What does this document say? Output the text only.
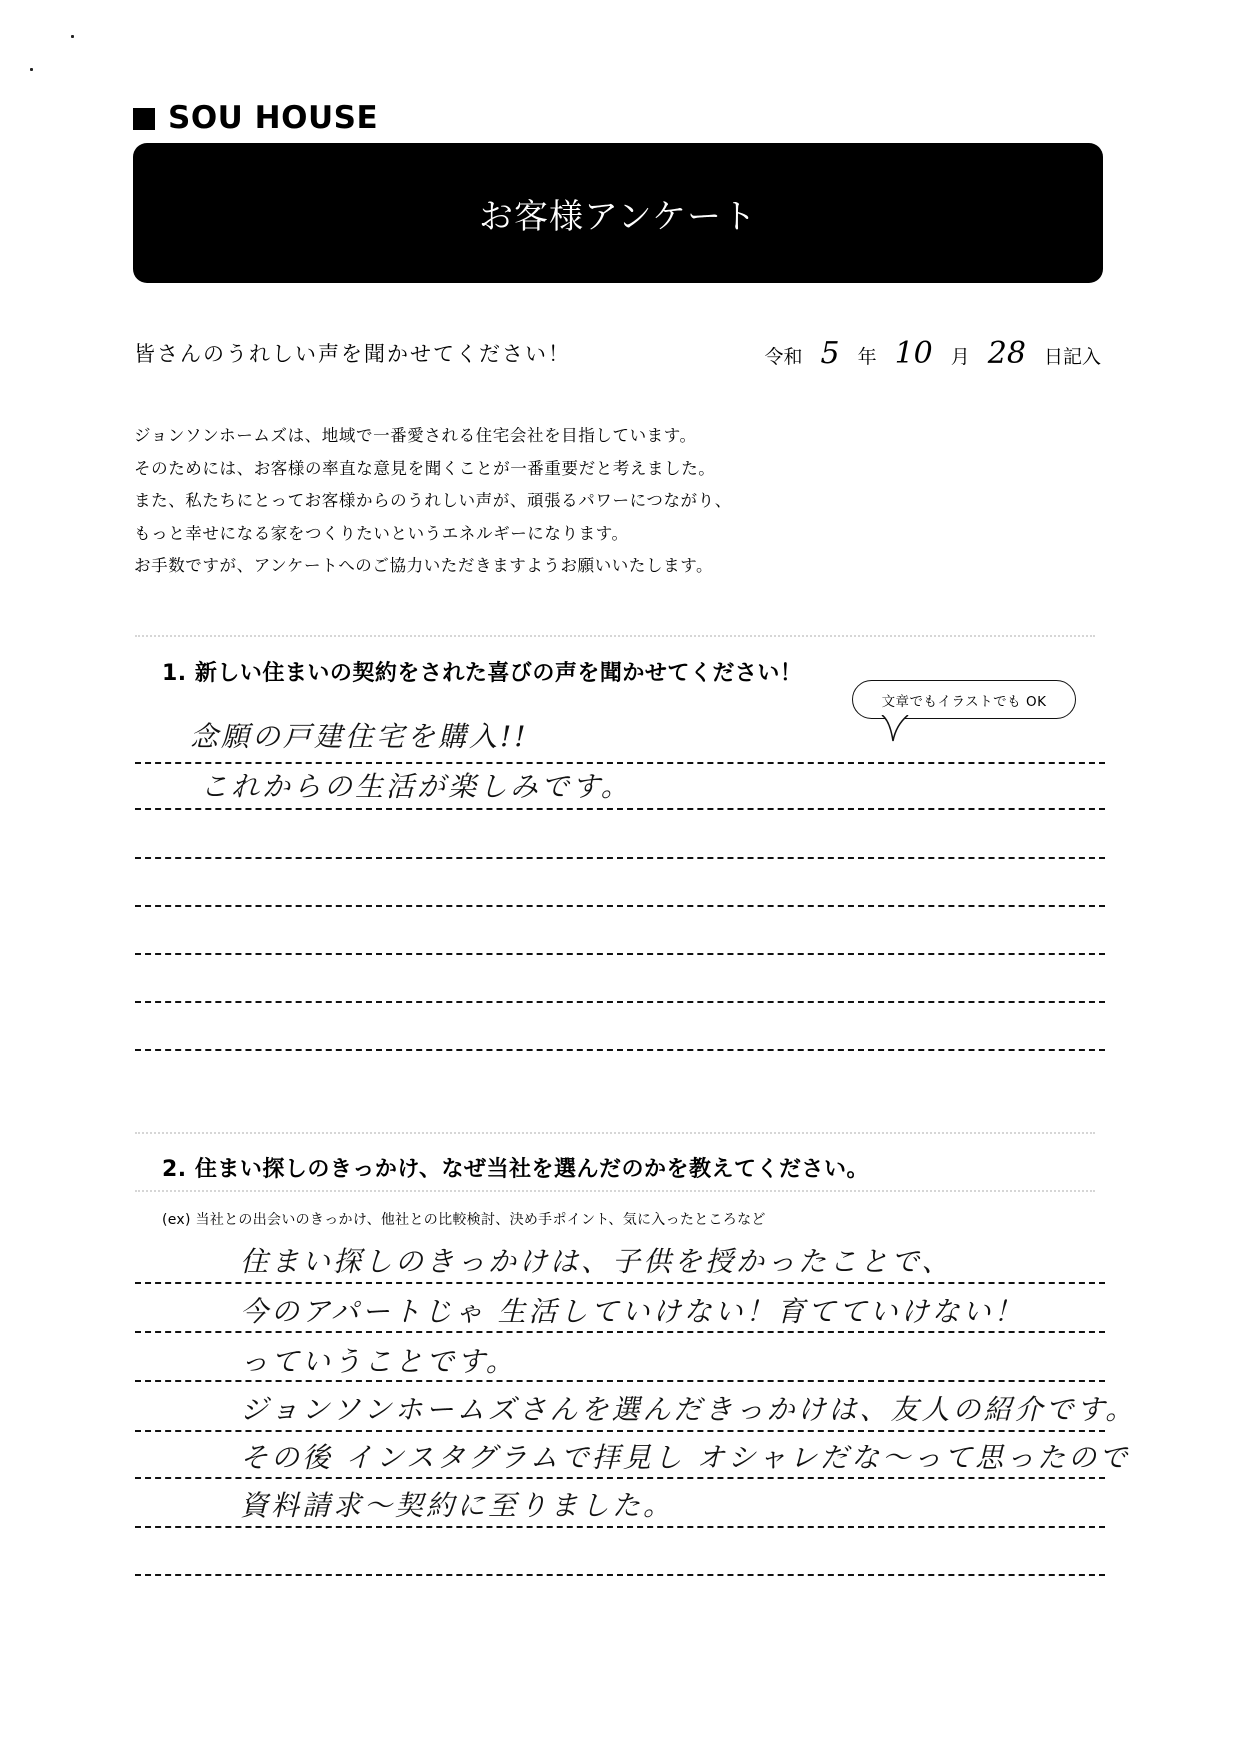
SOU HOUSE
お客様アンケート
皆さんのうれしい声を聞かせてください！	令和 5 年 10 月 28 日記入
ジョンソンホームズは、地域で一番愛される住宅会社を目指しています。
そのためには、お客様の率直な意見を聞くことが一番重要だと考えました。
また、私たちにとってお客様からのうれしい声が、頑張るパワーにつながり、
もっと幸せになる家をつくりたいというエネルギーになります。
お手数ですが、アンケートへのご協力いただきますようお願いいたします。
1. 新しい住まいの契約をされた喜びの声を聞かせてください！
文章でもイラストでも OK
念願の戸建住宅を購入!!
これからの生活が楽しみです。
2. 住まい探しのきっかけ、なぜ当社を選んだのかを教えてください。
(ex) 当社との出会いのきっかけ、他社との比較検討、決め手ポイント、気に入ったところなど
住まい探しのきっかけは、子供を授かったことで、
今のアパートじゃ 生活していけない！育てていけない！
っていうことです。
ジョンソンホームズさんを選んだきっかけは、友人の紹介です。
その後 インスタグラムで拝見し オシャレだな〜って思ったので
資料請求〜契約に至りました。
